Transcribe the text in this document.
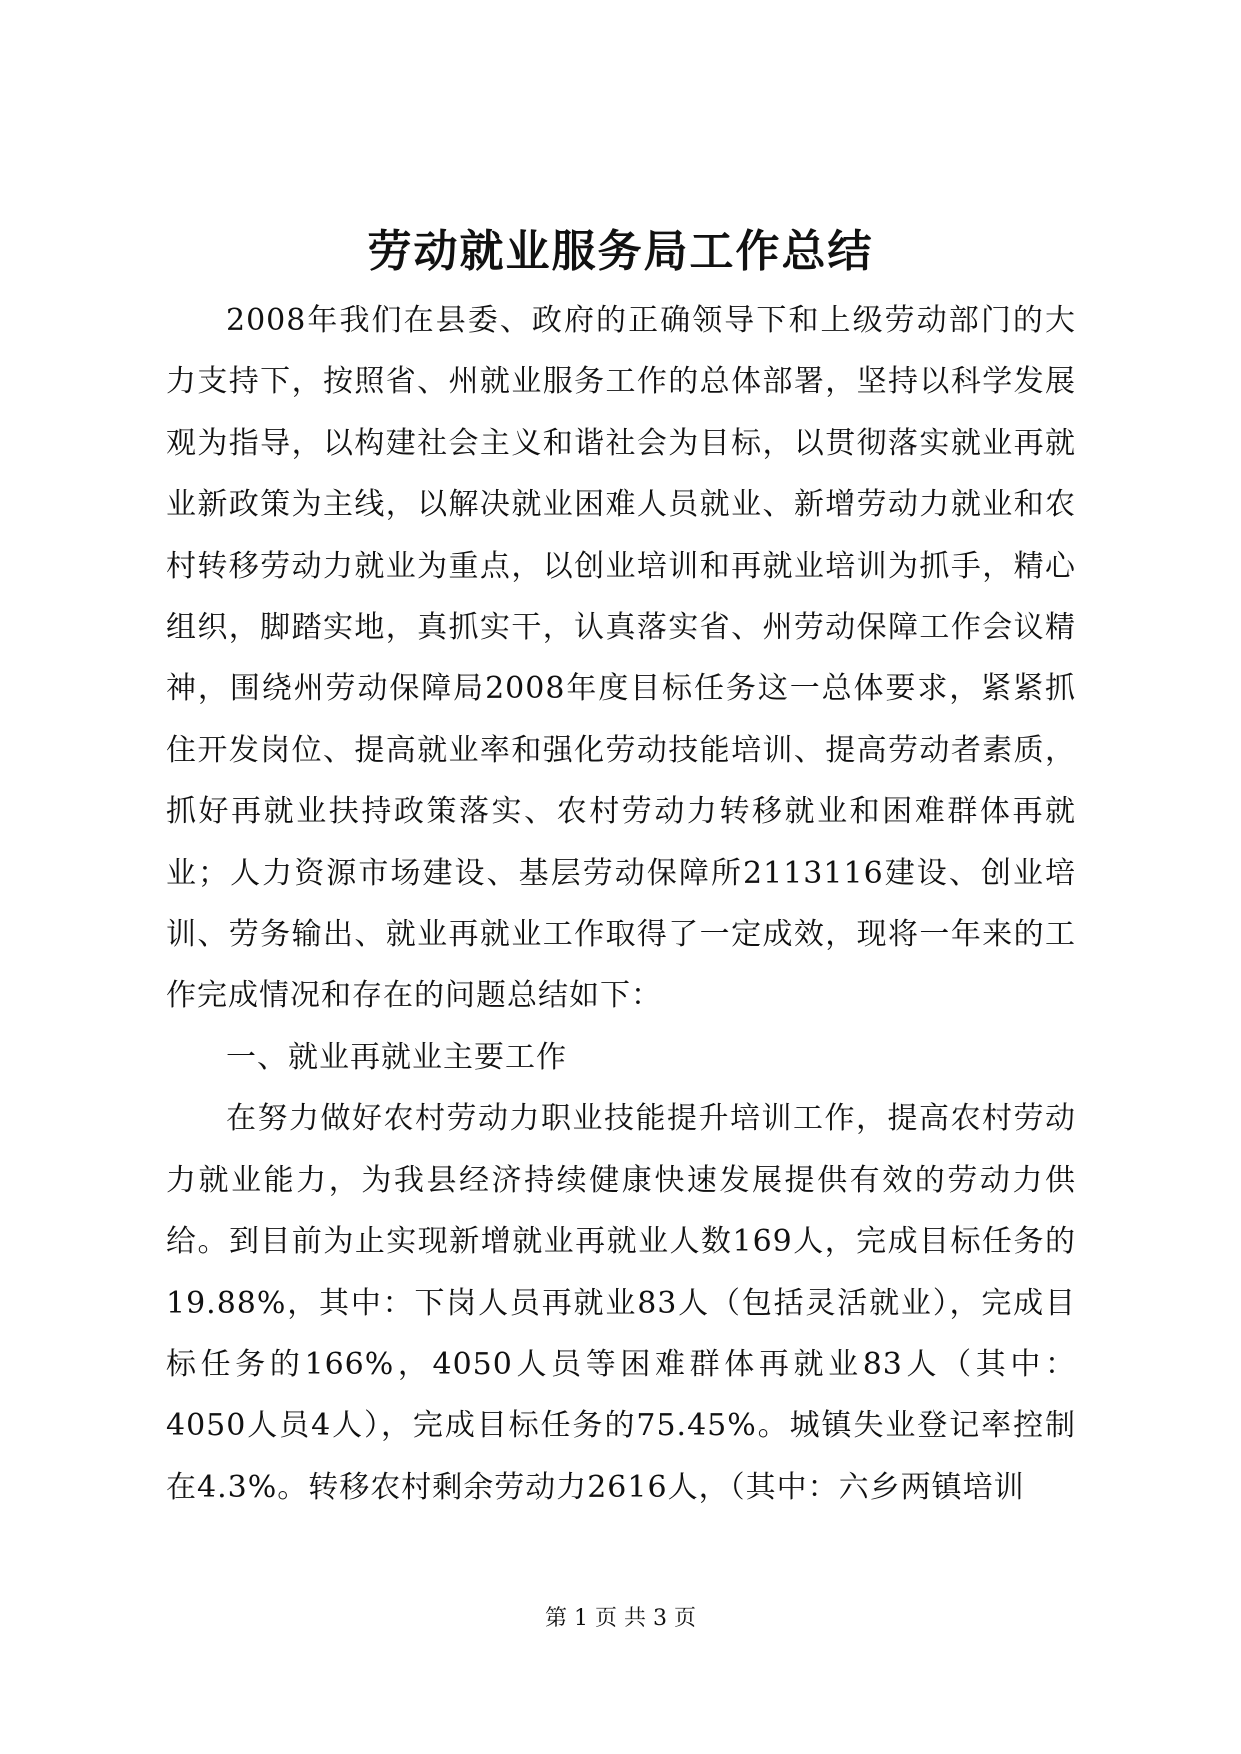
劳动就业服务局工作总结

2008年我们在县委、政府的正确领导下和上级劳动部门的大力支持下，按照省、州就业服务工作的总体部署，坚持以科学发展观为指导，以构建社会主义和谐社会为目标，以贯彻落实就业再就业新政策为主线，以解决就业困难人员就业、新增劳动力就业和农村转移劳动力就业为重点，以创业培训和再就业培训为抓手，精心组织，脚踏实地，真抓实干，认真落实省、州劳动保障工作会议精神，围绕州劳动保障局2008年度目标任务这一总体要求，紧紧抓住开发岗位、提高就业率和强化劳动技能培训、提高劳动者素质，抓好再就业扶持政策落实、农村劳动力转移就业和困难群体再就业；人力资源市场建设、基层劳动保障所2113116建设、创业培训、劳务输出、就业再就业工作取得了一定成效，现将一年来的工作完成情况和存在的问题总结如下：

一、就业再就业主要工作

在努力做好农村劳动力职业技能提升培训工作，提高农村劳动力就业能力，为我县经济持续健康快速发展提供有效的劳动力供给。到目前为止实现新增就业再就业人数169人，完成目标任务的19.88%，其中：下岗人员再就业83人（包括灵活就业），完成目标任务的166%，4050人员等困难群体再就业83人（其中：4050人员4人），完成目标任务的75.45%。城镇失业登记率控制在4.3%。转移农村剩余劳动力2616人，（其中：六乡两镇培训

第 1 页 共 3 页
